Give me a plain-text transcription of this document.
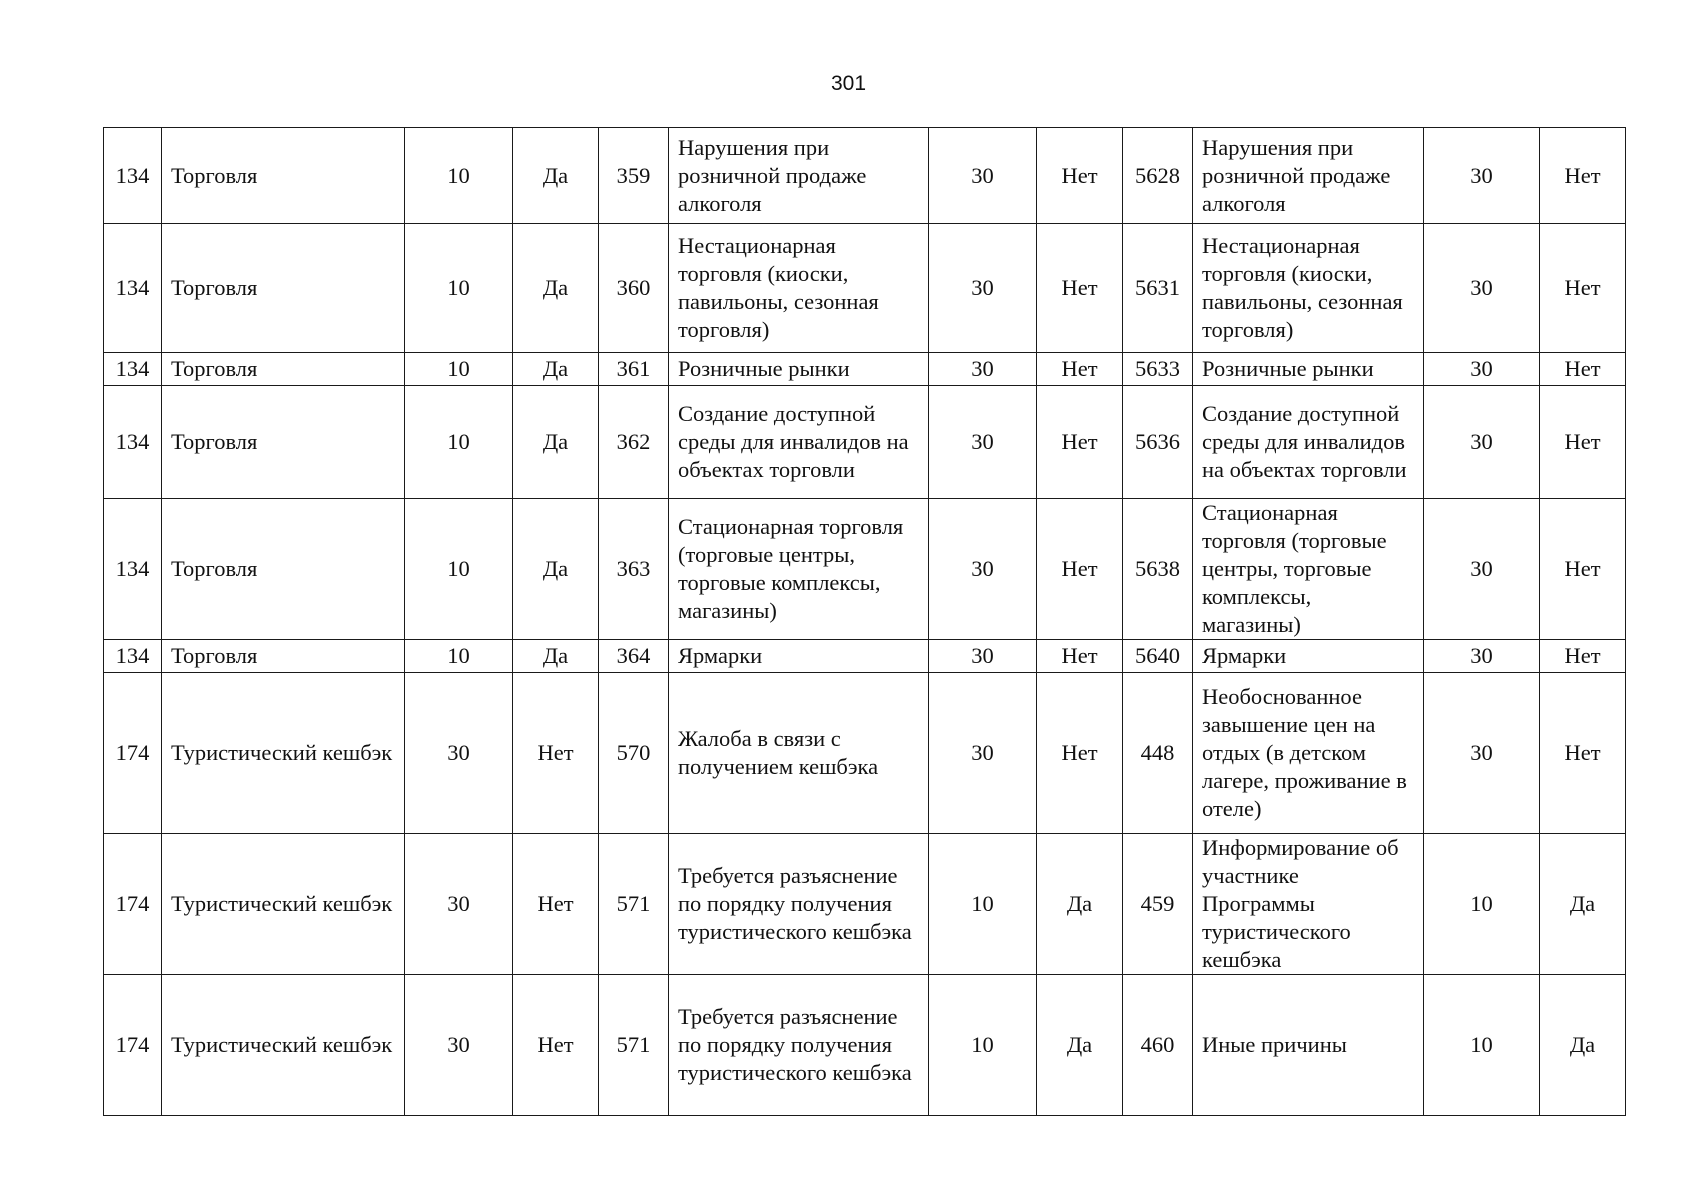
301
134	Торговля	10	Да	359	Нарушения при розничной продаже алкоголя	30	Нет	5628	Нарушения при розничной продаже алкоголя	30	Нет
134	Торговля	10	Да	360	Нестационарная торговля (киоски, павильоны, сезонная торговля)	30	Нет	5631	Нестационарная торговля (киоски, павильоны, сезонная торговля)	30	Нет
134	Торговля	10	Да	361	Розничные рынки	30	Нет	5633	Розничные рынки	30	Нет
134	Торговля	10	Да	362	Создание доступной среды для инвалидов на объектах торговли	30	Нет	5636	Создание доступной среды для инвалидов на объектах торговли	30	Нет
134	Торговля	10	Да	363	Стационарная торговля (торговые центры, торговые комплексы, магазины)	30	Нет	5638	Стационарная торговля (торговые центры, торговые комплексы, магазины)	30	Нет
134	Торговля	10	Да	364	Ярмарки	30	Нет	5640	Ярмарки	30	Нет
174	Туристический кешбэк	30	Нет	570	Жалоба в связи с получением кешбэка	30	Нет	448	Необоснованное завышение цен на отдых (в детском лагере, проживание в отеле)	30	Нет
174	Туристический кешбэк	30	Нет	571	Требуется разъяснение по порядку получения туристического кешбэка	10	Да	459	Информирование об участнике Программы туристического кешбэка	10	Да
174	Туристический кешбэк	30	Нет	571	Требуется разъяснение по порядку получения туристического кешбэка	10	Да	460	Иные причины	10	Да
